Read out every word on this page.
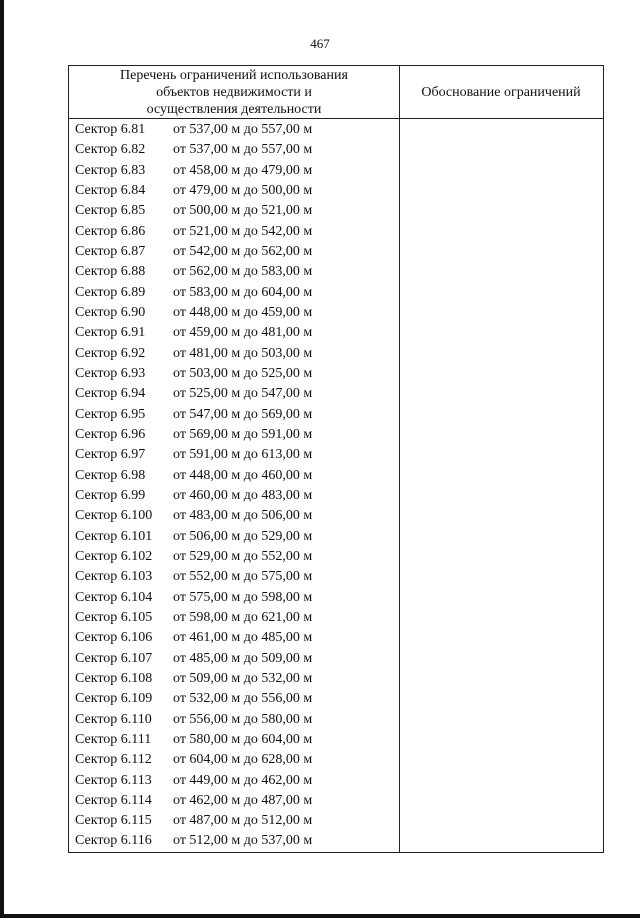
467
Перечень ограничений использования
объектов недвижимости и
осуществления деятельности
Обоснование ограничений
Сектор 6.81	от 537,00 м до 557,00 м
Сектор 6.82	от 537,00 м до 557,00 м
Сектор 6.83	от 458,00 м до 479,00 м
Сектор 6.84	от 479,00 м до 500,00 м
Сектор 6.85	от 500,00 м до 521,00 м
Сектор 6.86	от 521,00 м до 542,00 м
Сектор 6.87	от 542,00 м до 562,00 м
Сектор 6.88	от 562,00 м до 583,00 м
Сектор 6.89	от 583,00 м до 604,00 м
Сектор 6.90	от 448,00 м до 459,00 м
Сектор 6.91	от 459,00 м до 481,00 м
Сектор 6.92	от 481,00 м до 503,00 м
Сектор 6.93	от 503,00 м до 525,00 м
Сектор 6.94	от 525,00 м до 547,00 м
Сектор 6.95	от 547,00 м до 569,00 м
Сектор 6.96	от 569,00 м до 591,00 м
Сектор 6.97	от 591,00 м до 613,00 м
Сектор 6.98	от 448,00 м до 460,00 м
Сектор 6.99	от 460,00 м до 483,00 м
Сектор 6.100	от 483,00 м до 506,00 м
Сектор 6.101	от 506,00 м до 529,00 м
Сектор 6.102	от 529,00 м до 552,00 м
Сектор 6.103	от 552,00 м до 575,00 м
Сектор 6.104	от 575,00 м до 598,00 м
Сектор 6.105	от 598,00 м до 621,00 м
Сектор 6.106	от 461,00 м до 485,00 м
Сектор 6.107	от 485,00 м до 509,00 м
Сектор 6.108	от 509,00 м до 532,00 м
Сектор 6.109	от 532,00 м до 556,00 м
Сектор 6.110	от 556,00 м до 580,00 м
Сектор 6.111	от 580,00 м до 604,00 м
Сектор 6.112	от 604,00 м до 628,00 м
Сектор 6.113	от 449,00 м до 462,00 м
Сектор 6.114	от 462,00 м до 487,00 м
Сектор 6.115	от 487,00 м до 512,00 м
Сектор 6.116	от 512,00 м до 537,00 м
